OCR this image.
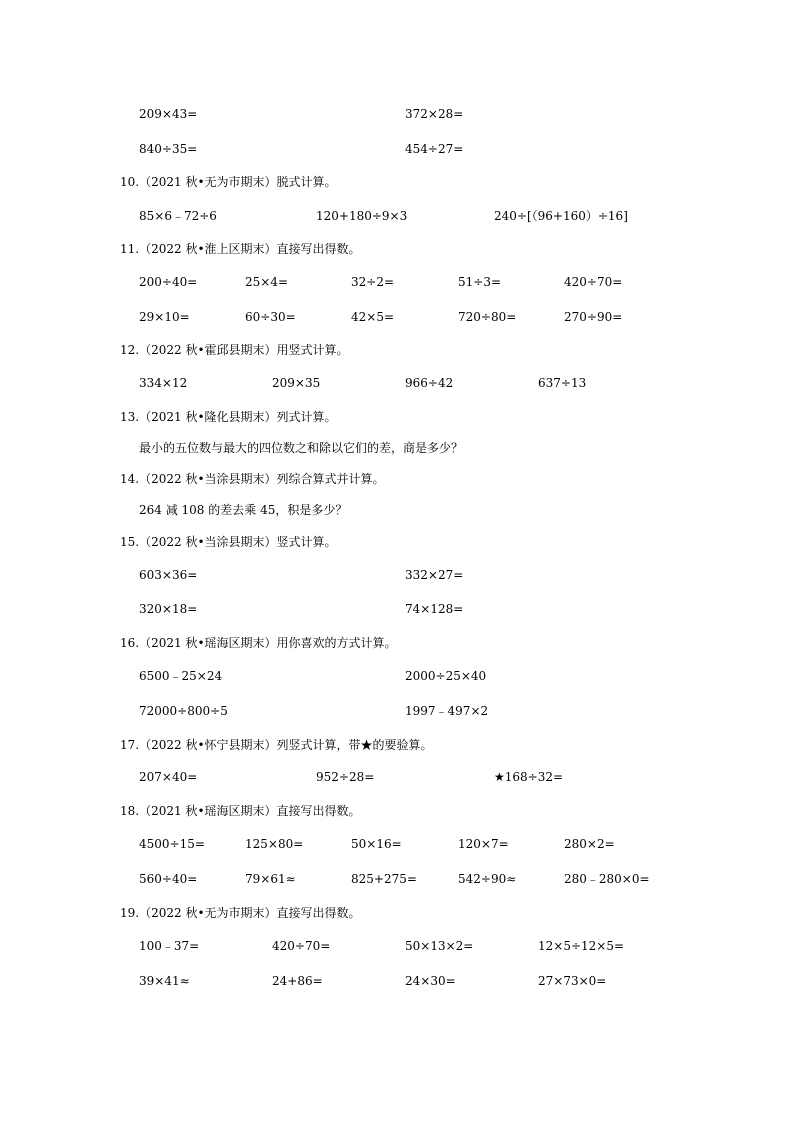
209×43=	372×28=
840÷35=	454÷27=
10.（2021 秋•无为市期末）脱式计算。
85×6﹣72÷6	120+180÷9×3	240÷[（96+160）÷16]
11.（2022 秋•淮上区期末）直接写出得数。
200÷40=	25×4=	32÷2=	51÷3=	420÷70=
29×10=	60÷30=	42×5=	720÷80=	270÷90=
12.（2022 秋•霍邱县期末）用竖式计算。
334×12	209×35	966÷42	637÷13
13.（2021 秋•隆化县期末）列式计算。
最小的五位数与最大的四位数之和除以它们的差，商是多少？
14.（2022 秋•当涂县期末）列综合算式并计算。
264 减 108 的差去乘 45，积是多少？
15.（2022 秋•当涂县期末）竖式计算。
603×36=	332×27=
320×18=	74×128=
16.（2021 秋•瑶海区期末）用你喜欢的方式计算。
6500﹣25×24	2000÷25×40
72000÷800÷5	1997﹣497×2
17.（2022 秋•怀宁县期末）列竖式计算，带★的要验算。
207×40=	952÷28=	★168÷32=
18.（2021 秋•瑶海区期末）直接写出得数。
4500÷15=	125×80=	50×16=	120×7=	280×2=
560÷40=	79×61≈	825+275=	542÷90≈	280﹣280×0=
19.（2022 秋•无为市期末）直接写出得数。
100﹣37=	420÷70=	50×13×2=	12×5÷12×5=
39×41≈	24+86=	24×30=	27×73×0=
